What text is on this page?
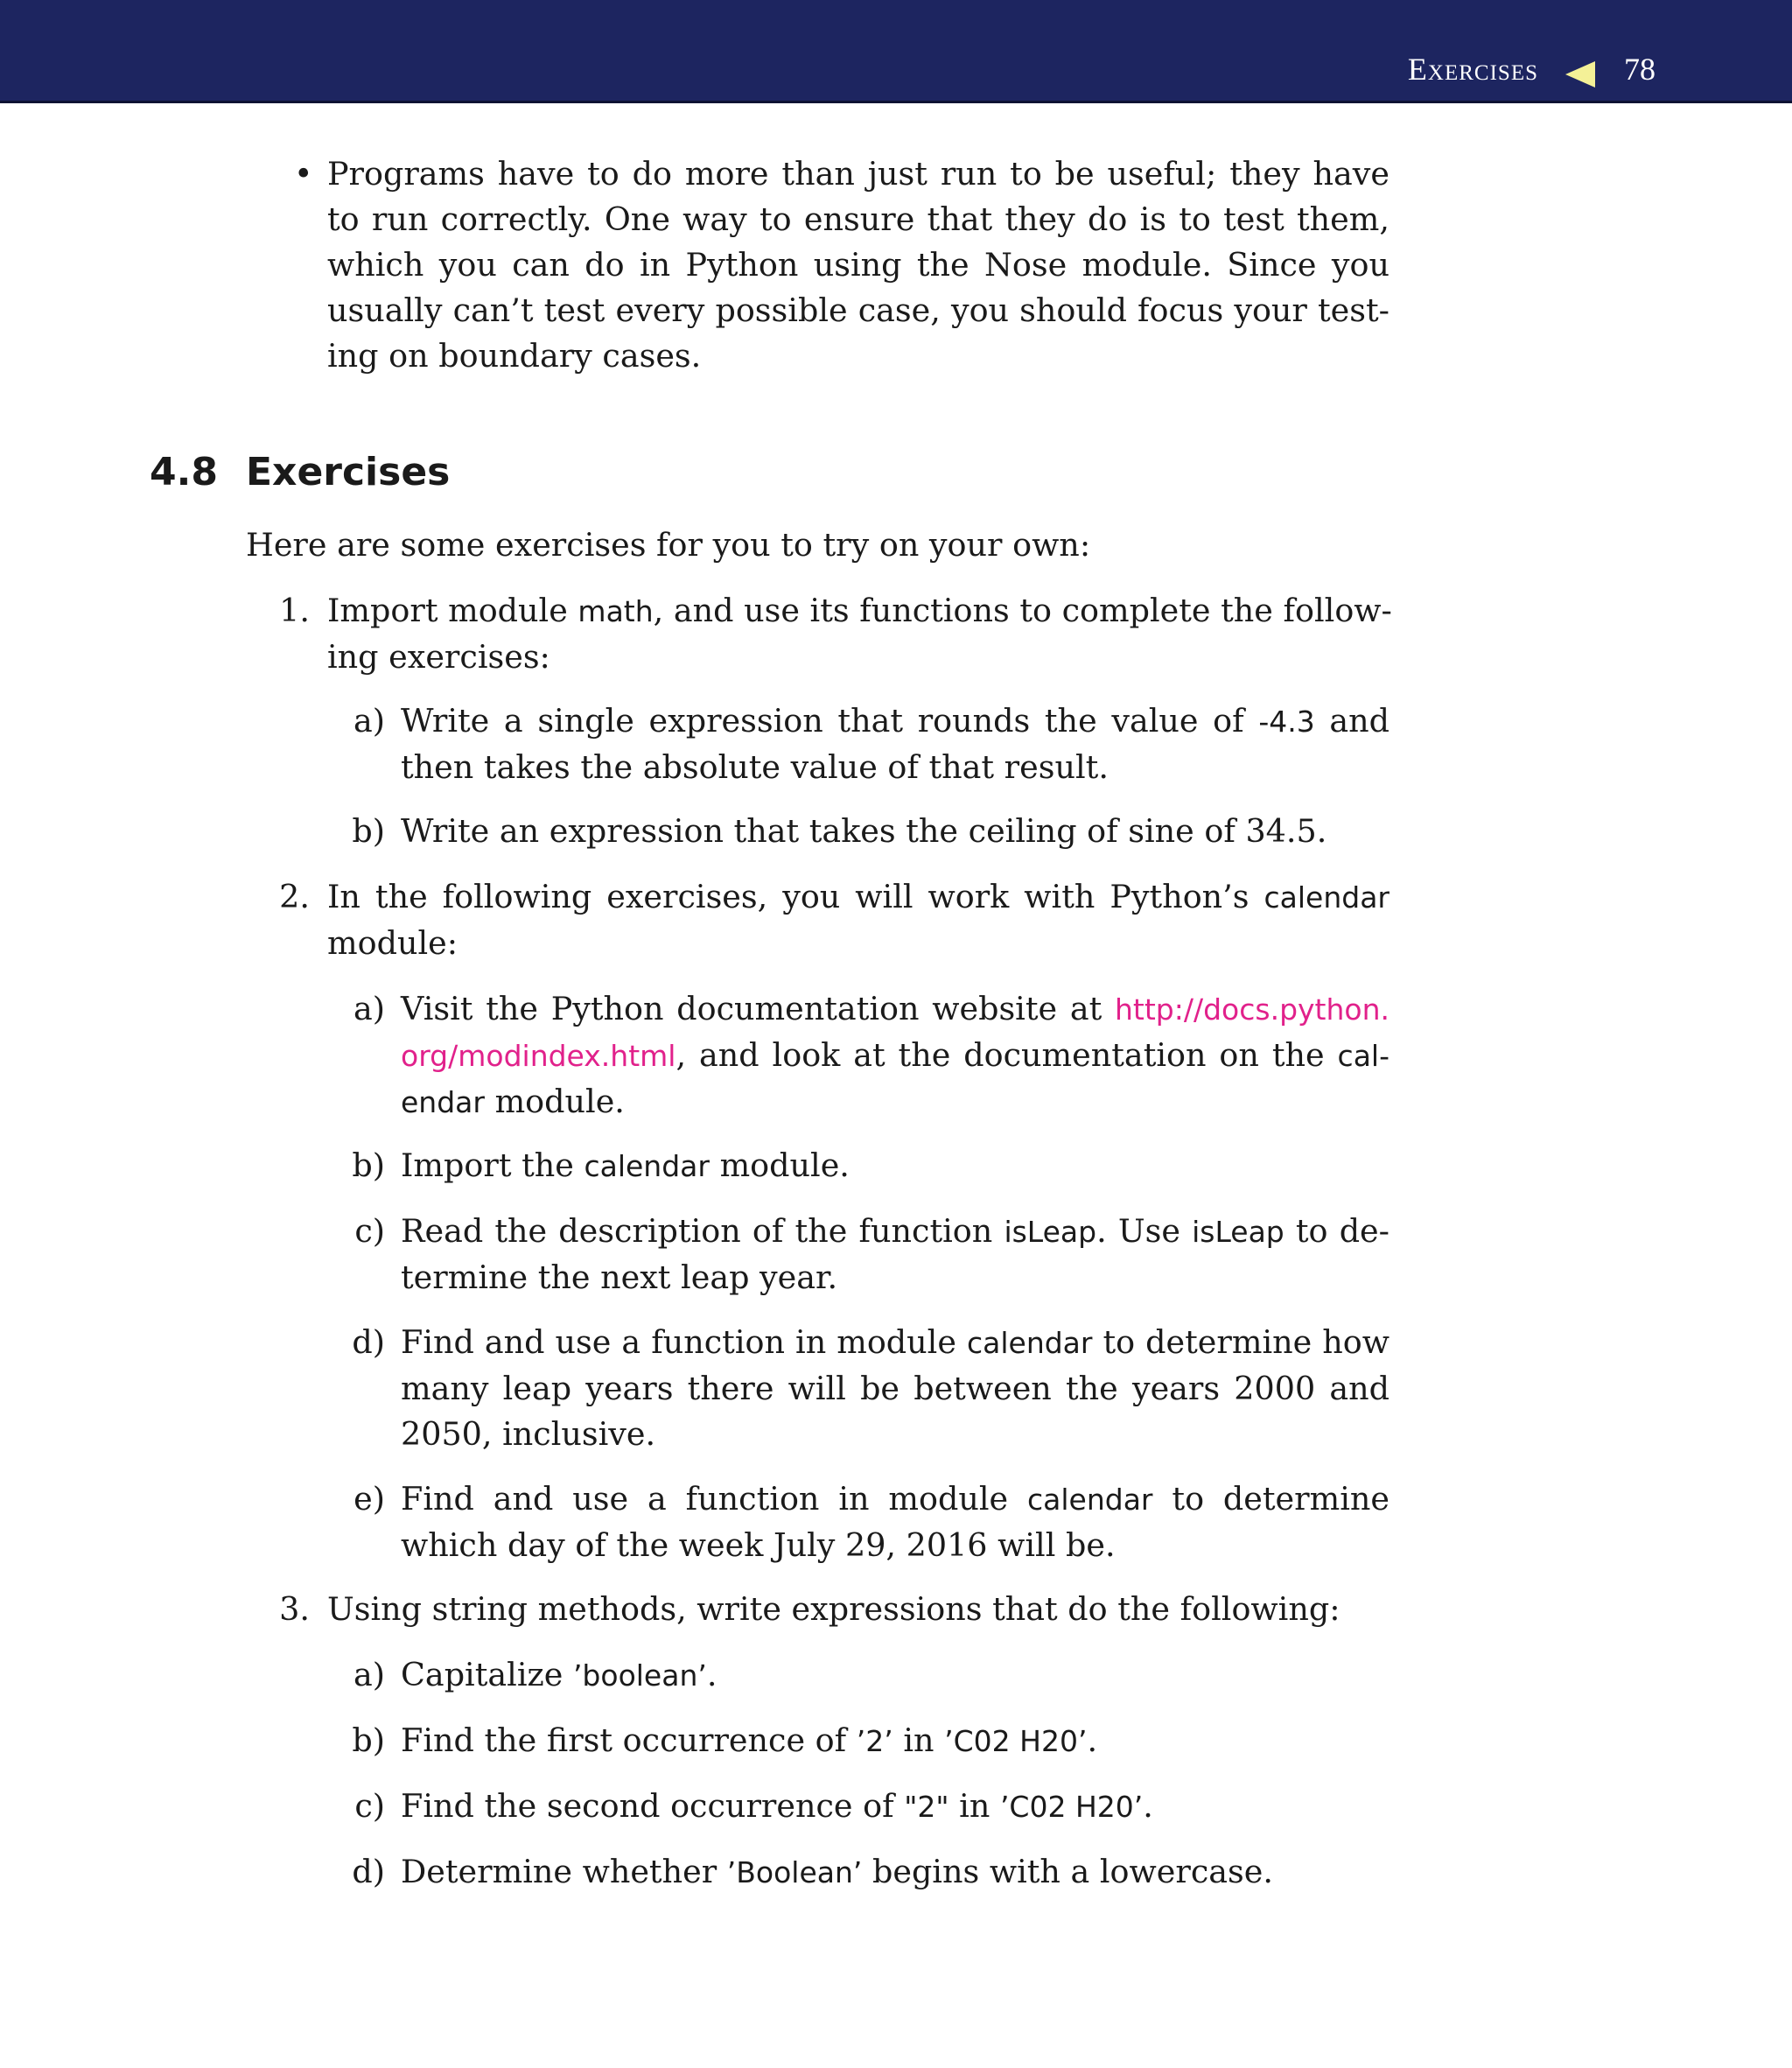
Exercises	78
• Programs have to do more than just run to be useful; they have
to run correctly. One way to ensure that they do is to test them,
which you can do in Python using the Nose module. Since you
usually can’t test every possible case, you should focus your test-
ing on boundary cases.
4.8 Exercises
Here are some exercises for you to try on your own:
1. Import module math, and use its functions to complete the follow-
ing exercises:
a) Write a single expression that rounds the value of -4.3 and
then takes the absolute value of that result.
b) Write an expression that takes the ceiling of sine of 34.5.
2. In the following exercises, you will work with Python’s calendar
module:
a) Visit the Python documentation website at http://docs.python.
org/modindex.html, and look at the documentation on the cal-
endar module.
b) Import the calendar module.
c) Read the description of the function isLeap. Use isLeap to de-
termine the next leap year.
d) Find and use a function in module calendar to determine how
many leap years there will be between the years 2000 and
2050, inclusive.
e) Find and use a function in module calendar to determine
which day of the week July 29, 2016 will be.
3. Using string methods, write expressions that do the following:
a) Capitalize ’boolean’.
b) Find the first occurrence of ’2’ in ’C02 H20’.
c) Find the second occurrence of "2" in ’C02 H20’.
d) Determine whether ’Boolean’ begins with a lowercase.
